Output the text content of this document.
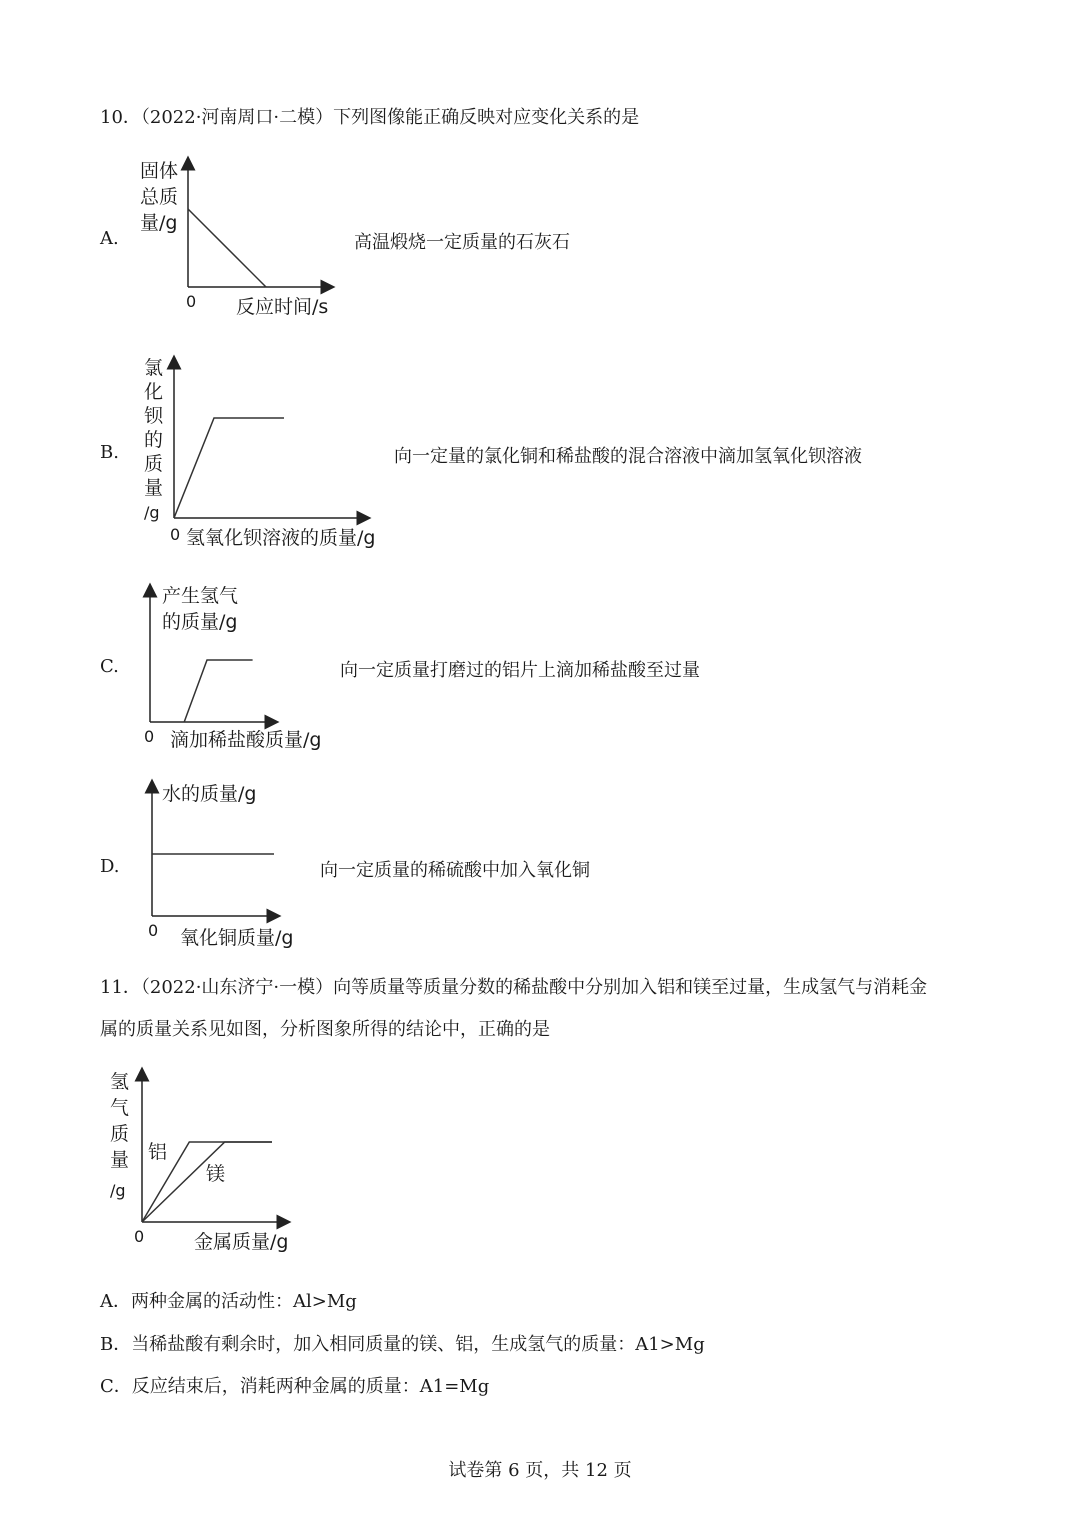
10．（2022·河南周口·二模）下列图像能正确反映对应变化关系的是
A.	高温煅烧一定质量的石灰石
固体
总质
量/g
0 反应时间/s
B.	向一定量的氯化铜和稀盐酸的混合溶液中滴加氢氧化钡溶液
氯
化
钡
的
质
量
/g
0 氢氧化钡溶液的质量/g
C.	向一定质量打磨过的铝片上滴加稀盐酸至过量
产生氢气
的质量/g
0 滴加稀盐酸质量/g
D.	向一定质量的稀硫酸中加入氧化铜
水的质量/g
0 氧化铜质量/g
11．（2022·山东济宁·一模）向等质量等质量分数的稀盐酸中分别加入铝和镁至过量，生成氢气与消耗金
属的质量关系见如图，分析图象所得的结论中，正确的是
氢
气
质
量
/g
0	金属质量/g
铝
镁
A．两种金属的活动性：Al>Mg
B．当稀盐酸有剩余时，加入相同质量的镁、铝，生成氢气的质量：A1>Mg
C．反应结束后，消耗两种金属的质量：A1=Mg
试卷第 6 页，共 12 页
